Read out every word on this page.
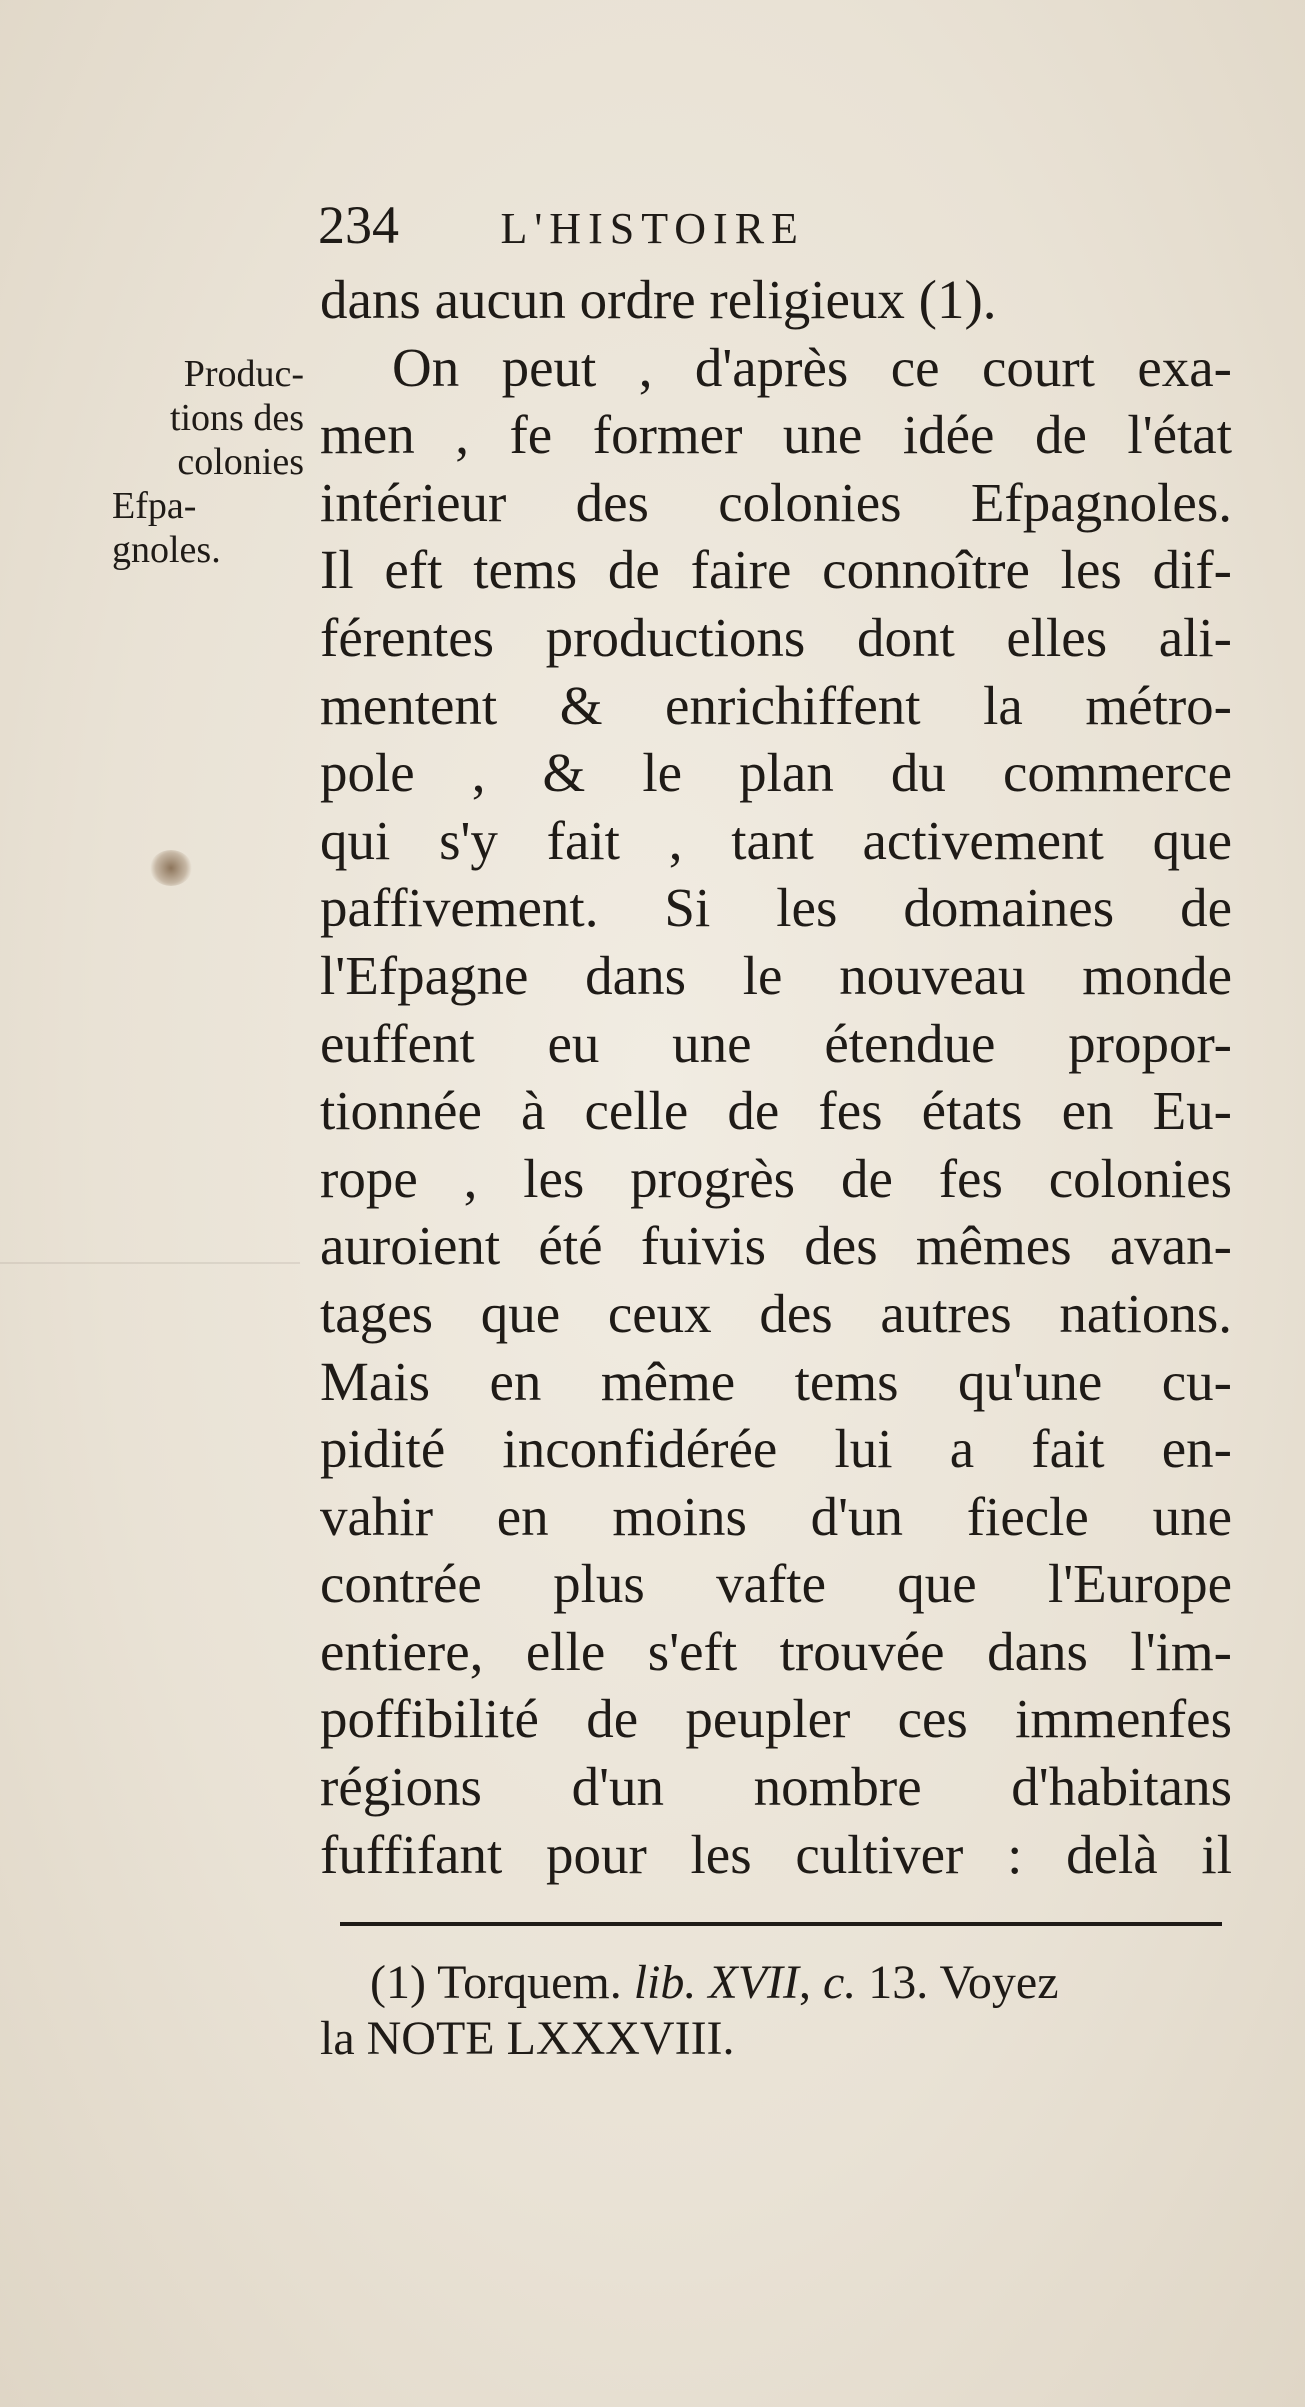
234 L'HISTOIRE
Produc-
tions des
colonies
Efpa-
gnoles.
dans aucun ordre religieux (1).
On peut , d'après ce court exa-
men , fe former une idée de l'état
intérieur des colonies Efpagnoles.
Il eft tems de faire connoître les dif-
férentes productions dont elles ali-
mentent & enrichiffent la métro-
pole , & le plan du commerce
qui s'y fait , tant activement que
paffivement. Si les domaines de
l'Efpagne dans le nouveau monde
euffent eu une étendue propor-
tionnée à celle de fes états en Eu-
rope , les progrès de fes colonies
auroient été fuivis des mêmes avan-
tages que ceux des autres nations.
Mais en même tems qu'une cu-
pidité inconfidérée lui a fait en-
vahir en moins d'un fiecle une
contrée plus vafte que l'Europe
entiere, elle s'eft trouvée dans l'im-
poffibilité de peupler ces immenfes
régions d'un nombre d'habitans
fuffifant pour les cultiver : delà il
(1) Torquem. lib. XVII, c. 13. Voyez
la NOTE LXXXVIII.
